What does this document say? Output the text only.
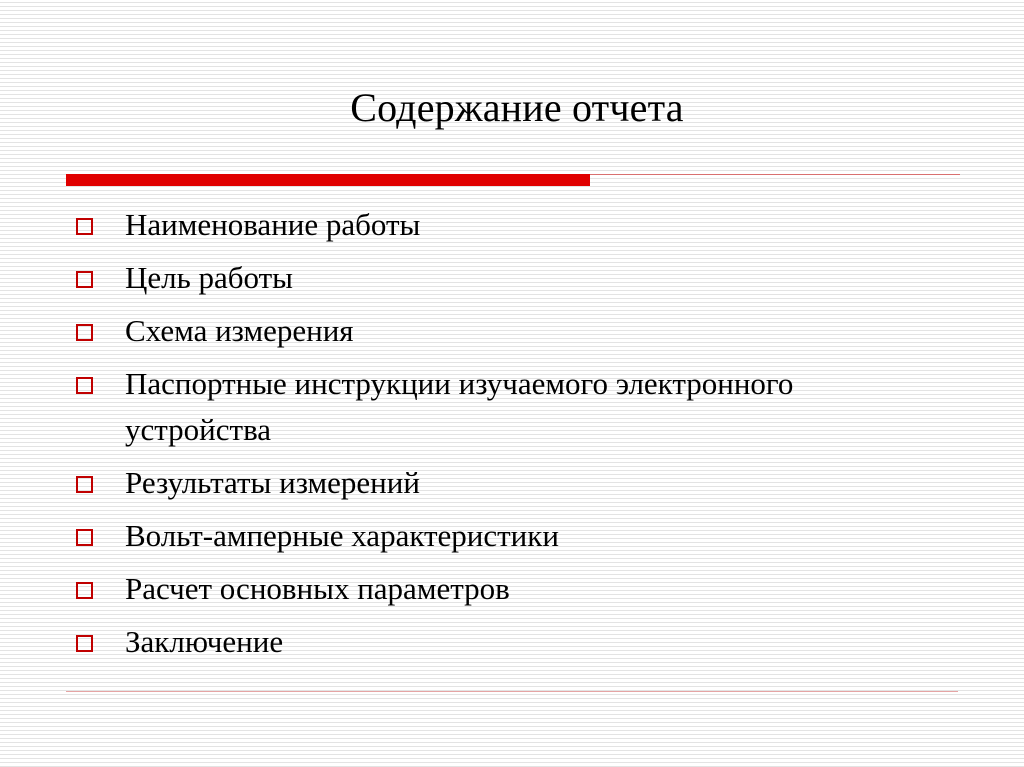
Содержание отчета
Наименование работы
Цель работы
Схема измерения
Паспортные инструкции изучаемого электронного устройства
Результаты измерений
Вольт-амперные характеристики
Расчет основных параметров
Заключение
